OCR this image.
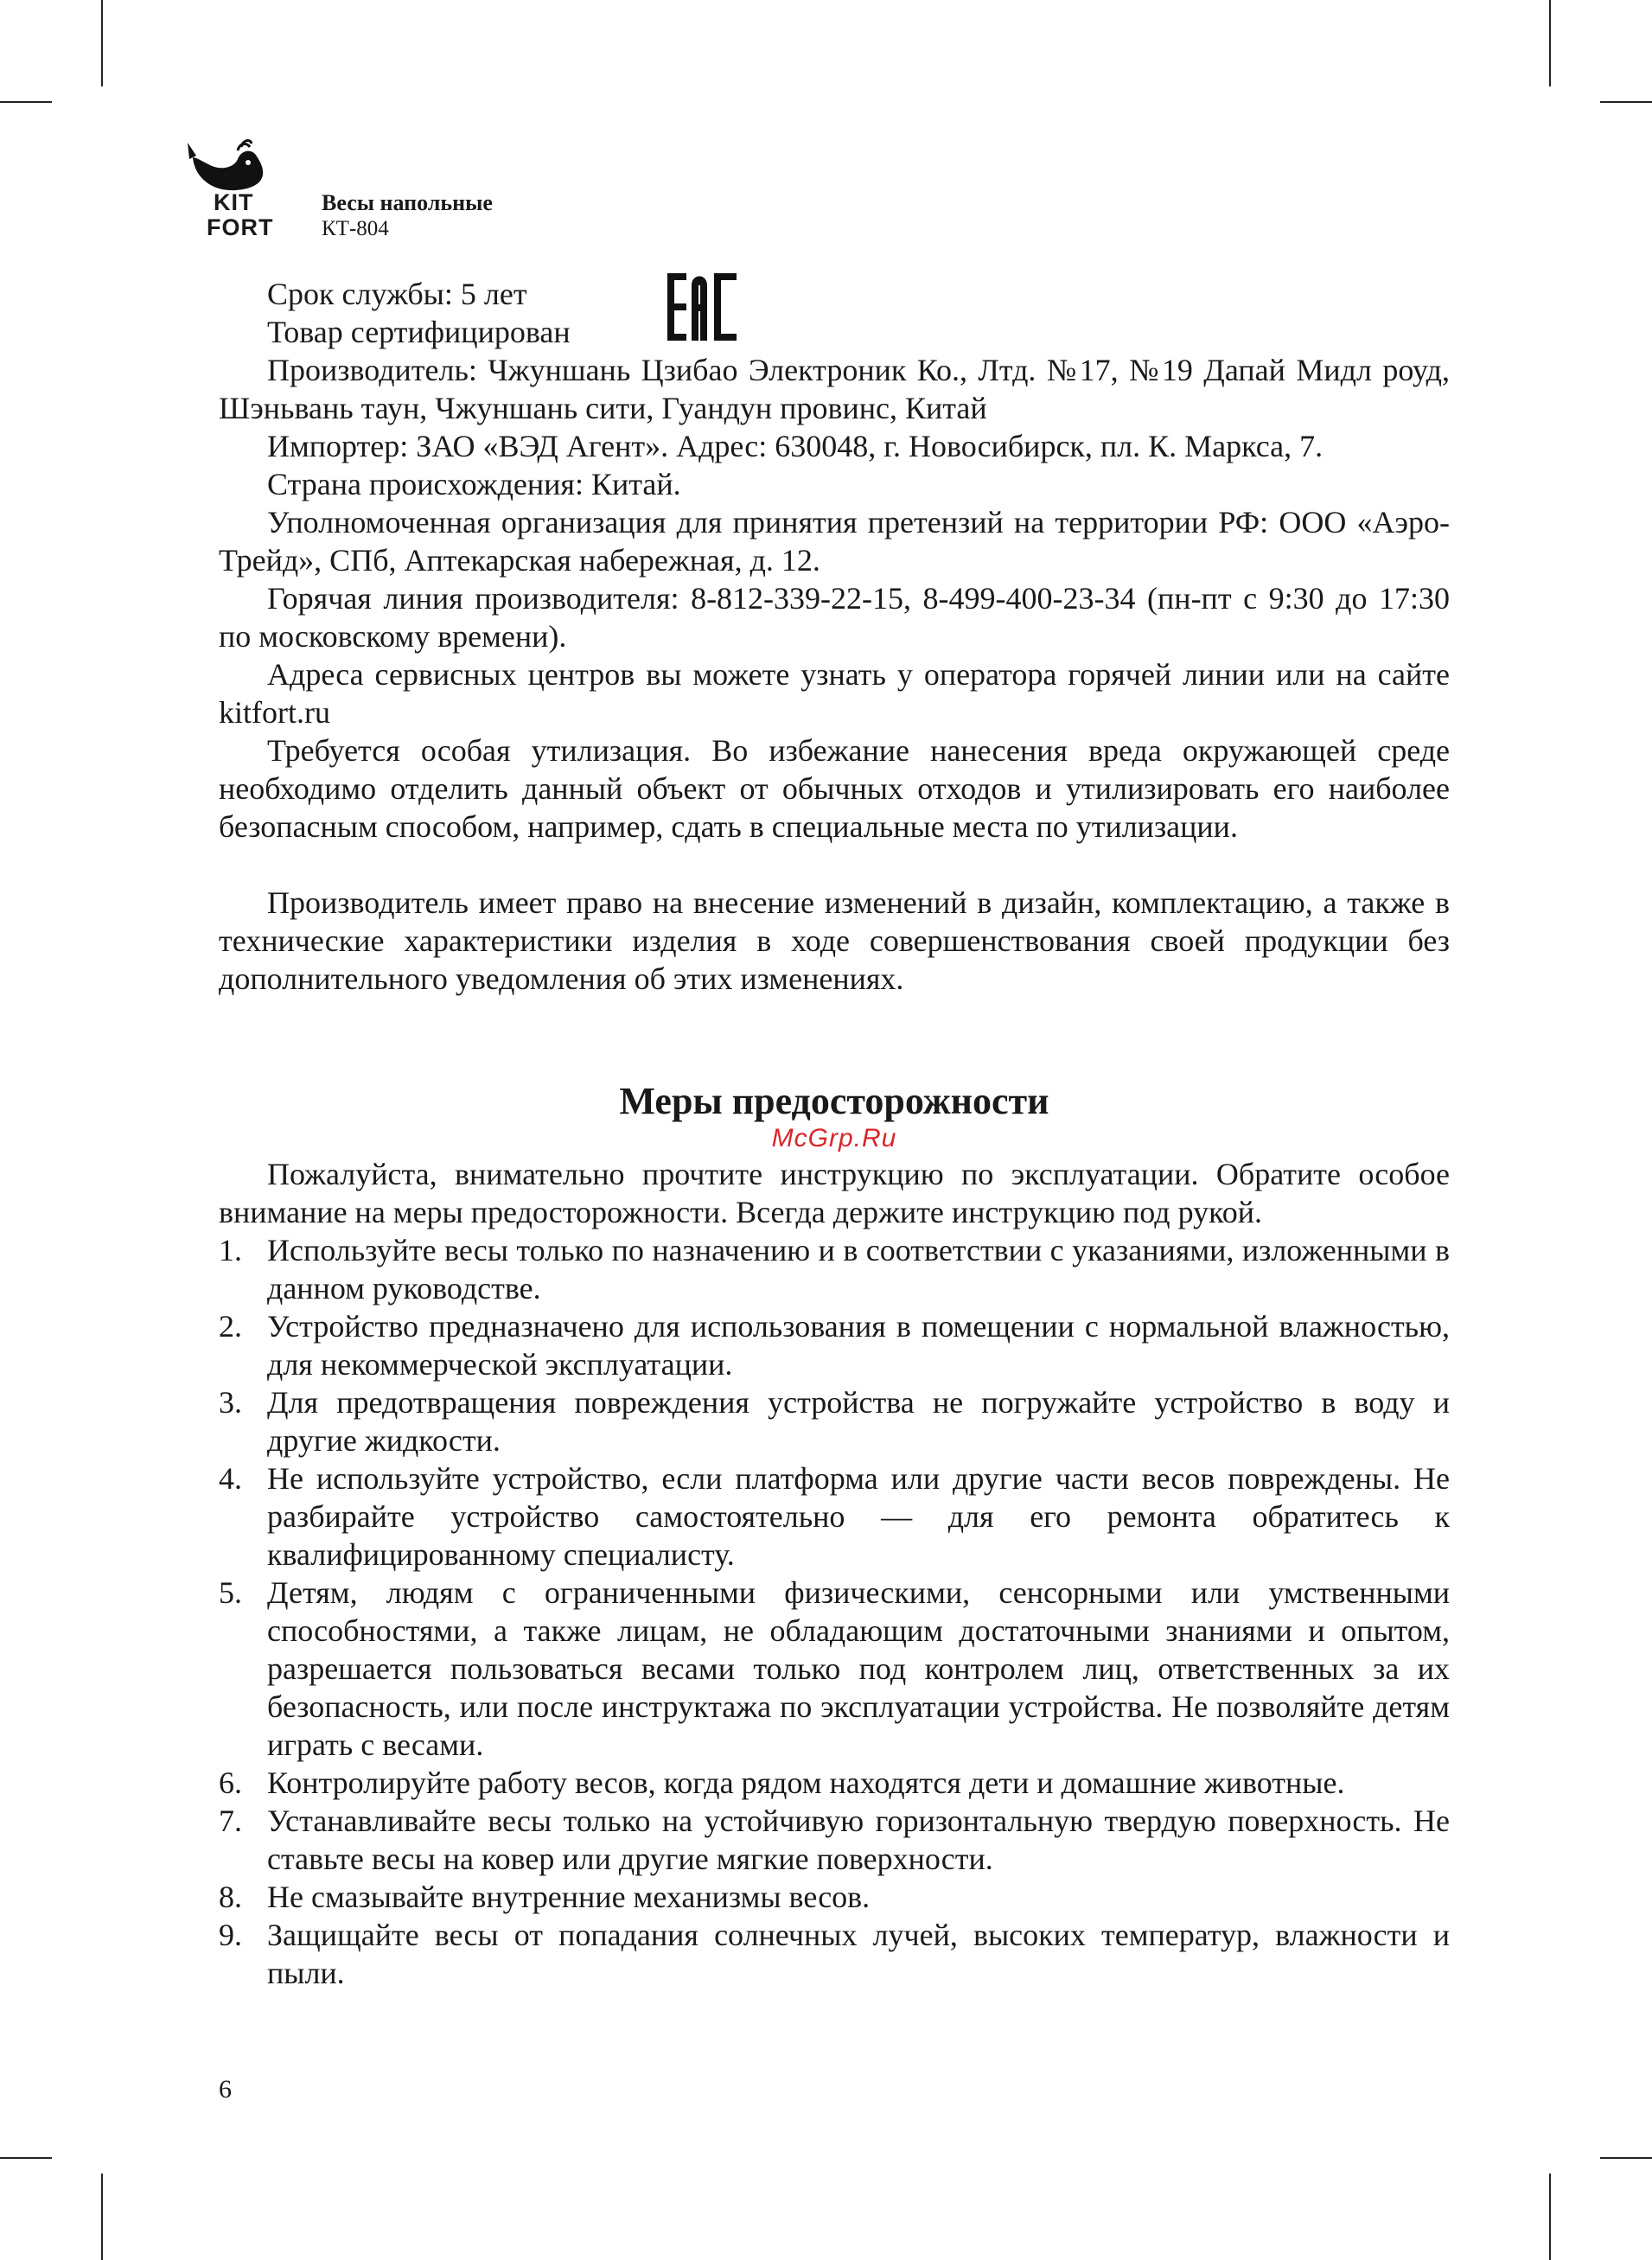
KIT
FORT
Весы напольные
КТ-804

Срок службы: 5 лет

Товар сертифицирован

Производитель: Чжуншань Цзибао Электроник Ко., Лтд. №17, №19 Дапай Мидл роуд, Шэньвань таун, Чжуншань сити, Гуандун провинс, Китай

Импортер: ЗАО «ВЭД Агент». Адрес: 630048, г. Новосибирск, пл. К. Маркса, 7.

Страна происхождения: Китай.

Уполномоченная организация для принятия претензий на территории РФ: ООО «Аэро-Трейд», СПб, Аптекарская набережная, д. 12.

Горячая линия производителя: 8-812-339-22-15, 8-499-400-23-34 (пн-пт с 9:30 до 17:30 по московскому времени).

Адреса сервисных центров вы можете узнать у оператора горячей линии или на сайте kitfort.ru

Требуется особая утилизация. Во избежание нанесения вреда окружающей среде необходимо отделить данный объект от обычных отходов и утилизировать его наиболее безопасным способом, например, сдать в специальные места по утилизации.

Производитель имеет право на внесение изменений в дизайн, комплектацию, а также в технические характеристики изделия в ходе совершенствования своей продукции без дополнительного уведомления об этих изменениях.

Меры предосторожности
McGrp.Ru

Пожалуйста, внимательно прочтите инструкцию по эксплуатации. Обратите особое внимание на меры предосторожности. Всегда держите инструкцию под рукой.

1. Используйте весы только по назначению и в соответствии с указаниями, изложенными в данном руководстве.
2. Устройство предназначено для использования в помещении с нормальной влажностью, для некоммерческой эксплуатации.
3. Для предотвращения повреждения устройства не погружайте устройство в воду и другие жидкости.
4. Не используйте устройство, если платформа или другие части весов повреждены. Не разбирайте устройство самостоятельно — для его ремонта обратитесь к квалифицированному специалисту.
5. Детям, людям с ограниченными физическими, сенсорными или умственными способностями, а также лицам, не обладающим достаточными знаниями и опытом, разрешается пользоваться весами только под контролем лиц, ответственных за их безопасность, или после инструктажа по эксплуатации устройства. Не позволяйте детям играть с весами.
6. Контролируйте работу весов, когда рядом находятся дети и домашние животные.
7. Устанавливайте весы только на устойчивую горизонтальную твердую поверхность. Не ставьте весы на ковер или другие мягкие поверхности.
8. Не смазывайте внутренние механизмы весов.
9. Защищайте весы от попадания солнечных лучей, высоких температур, влажности и пыли.
6
